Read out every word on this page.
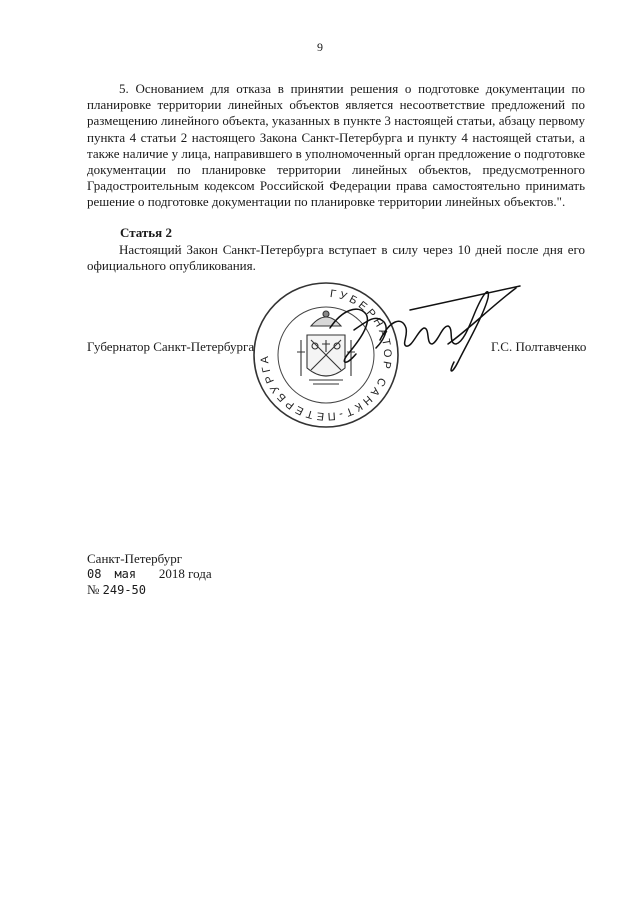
9

5. Основанием для отказа в принятии решения о подготовке документации по планировке территории линейных объектов является несоответствие предложений по размещению линейного объекта, указанных в пункте 3 настоящей статьи, абзацу первому пункта 4 статьи 2 настоящего Закона Санкт-Петербурга и пункту 4 настоящей статьи, а также наличие у лица, направившего в уполномоченный орган предложение о подготовке документации по планировке территории линейных объектов, предусмотренного Градостроительным кодексом Российской Федерации права самостоятельно принимать решение о подготовке документации по планировке территории линейных объектов.".

Статья 2

Настоящий Закон Санкт-Петербурга вступает в силу через 10 дней после дня его официального опубликования.

Губернатор Санкт-Петербурга
ГУБЕРНАТОР САНКТ-ПЕТЕРБУРГА
Г.С. Полтавченко
Санкт-Петербург
08 мая 2018 года
№ 249-50
